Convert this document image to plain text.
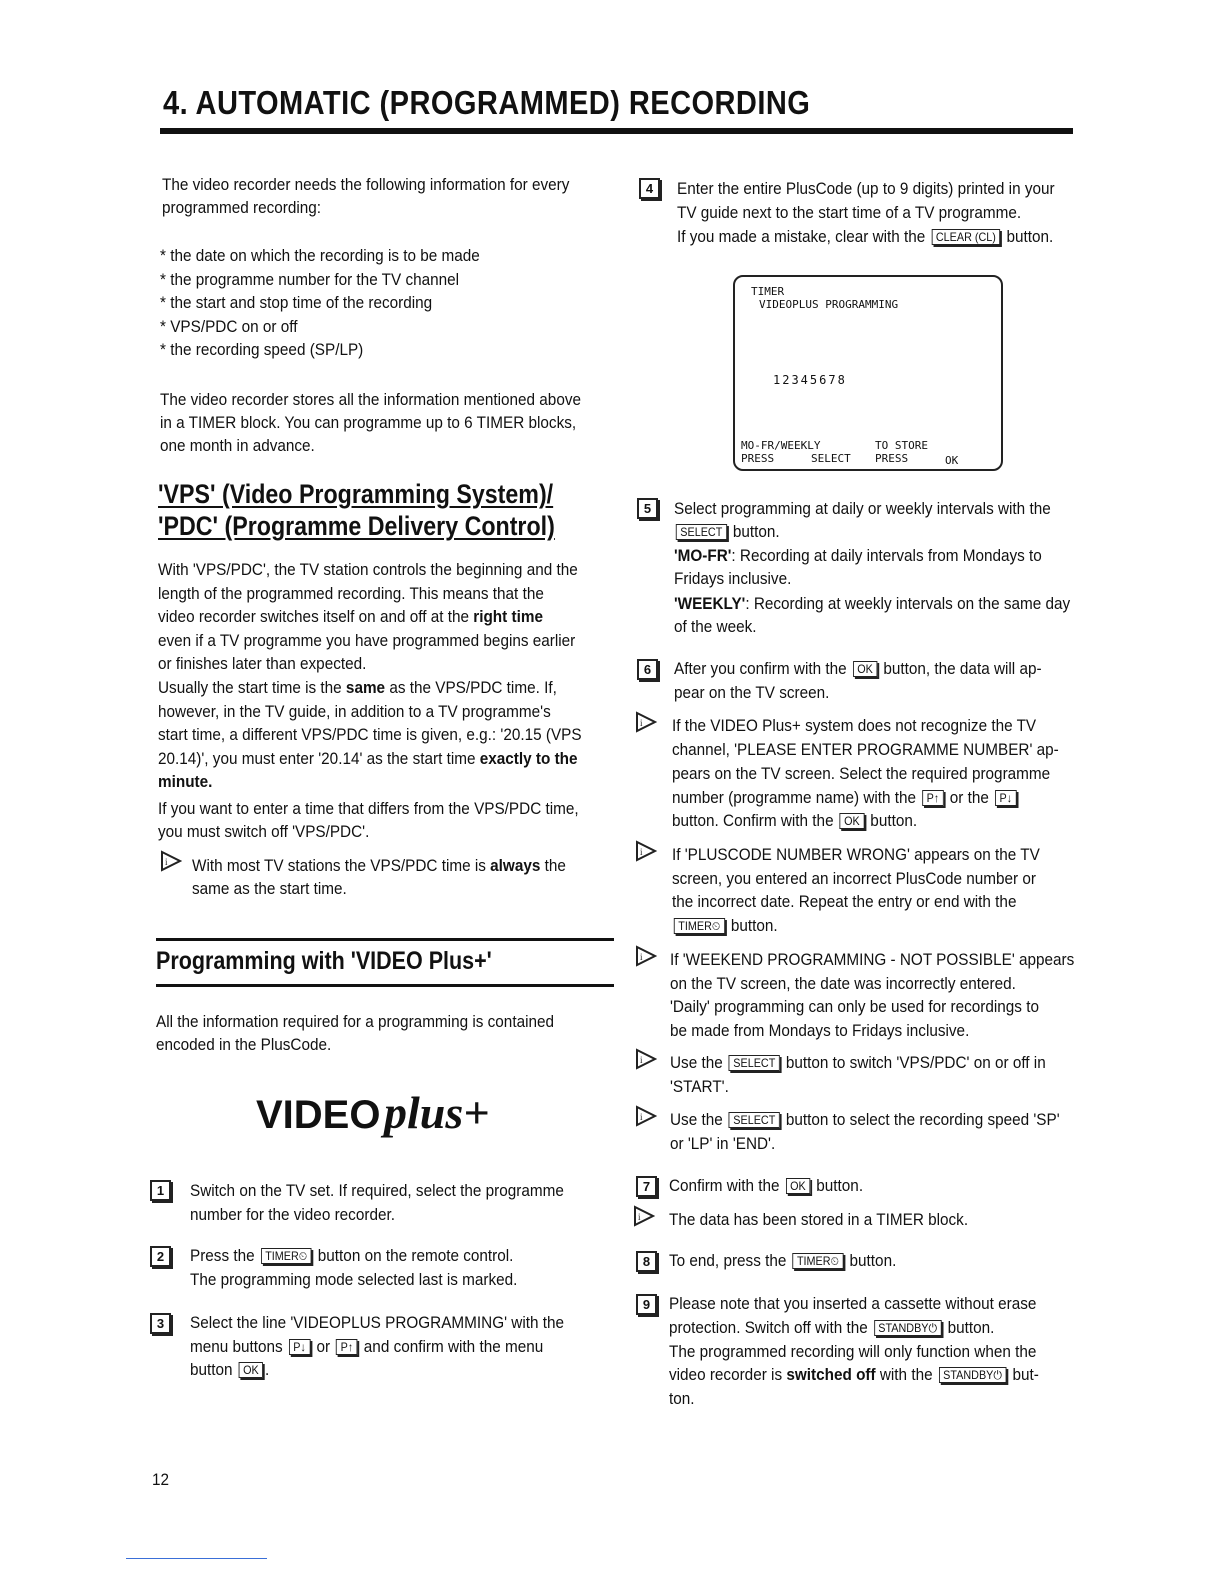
4. AUTOMATIC (PROGRAMMED) RECORDING
The video recorder needs the following information for every
programmed recording:
* the date on which the recording is to be made
* the programme number for the TV channel
* the start and stop time of the recording
* VPS/PDC on or off
* the recording speed (SP/LP)
The video recorder stores all the information mentioned above
in a TIMER block. You can programme up to 6 TIMER blocks,
one month in advance.
'VPS' (Video Programming System)/
'PDC' (Programme Delivery Control)
With 'VPS/PDC', the TV station controls the beginning and the
length of the programmed recording. This means that the
video recorder switches itself on and off at the right time
even if a TV programme you have programmed begins earlier
or finishes later than expected.
Usually the start time is the same as the VPS/PDC time. If,
however, in the TV guide, in addition to a TV programme's
start time, a different VPS/PDC time is given, e.g.: '20.15 (VPS
20.14)', you must enter '20.14' as the start time exactly to the
minute.
If you want to enter a time that differs from the VPS/PDC time,
you must switch off 'VPS/PDC'.
i With most TV stations the VPS/PDC time is always the
same as the start time.
Programming with 'VIDEO Plus+'
All the information required for a programming is contained
encoded in the PlusCode.
VIDEO plus+
1	Switch on the TV set. If required, select the programme
number for the video recorder.
2	Press the TIMER⏲ button on the remote control.
The programming mode selected last is marked.
3	Select the line 'VIDEOPLUS PROGRAMMING' with the
menu buttons P↓ or P↑ and confirm with the menu
button OK .
12
4	Enter the entire PlusCode (up to 9 digits) printed in your
TV guide next to the start time of a TV programme.
If you made a mistake, clear with the CLEAR (CL) button.
TIMER
VIDEOPLUS PROGRAMMING
12345678
MO-FR/WEEKLY	TO STORE
PRESS	SELECT PRESS	OK
5	Select programming at daily or weekly intervals with the
SELECT button.
'MO-FR': Recording at daily intervals from Mondays to
Fridays inclusive.
'WEEKLY': Recording at weekly intervals on the same day
of the week.
6	After you confirm with the OK button, the data will ap-
pear on the TV screen.
i If the VIDEO Plus+ system does not recognize the TV
channel, 'PLEASE ENTER PROGRAMME NUMBER' ap-
pears on the TV screen. Select the required programme
number (programme name) with the P↑ or the P↓
button. Confirm with the OK button.
i If 'PLUSCODE NUMBER WRONG' appears on the TV
screen, you entered an incorrect PlusCode number or
the incorrect date. Repeat the entry or end with the
TIMER⏲ button.
i If 'WEEKEND PROGRAMMING - NOT POSSIBLE' appears
on the TV screen, the date was incorrectly entered.
'Daily' programming can only be used for recordings to
be made from Mondays to Fridays inclusive.
i Use the SELECT button to switch 'VPS/PDC' on or off in
'START'.
i Use the SELECT button to select the recording speed 'SP'
or 'LP' in 'END'.
7	Confirm with the OK button.
i The data has been stored in a TIMER block.
8	To end, press the TIMER⏲ button.
9	Please note that you inserted a cassette without erase
protection. Switch off with the STANDBY⏻ button.
The programmed recording will only function when the
video recorder is switched off with the STANDBY⏻ but-
ton.
